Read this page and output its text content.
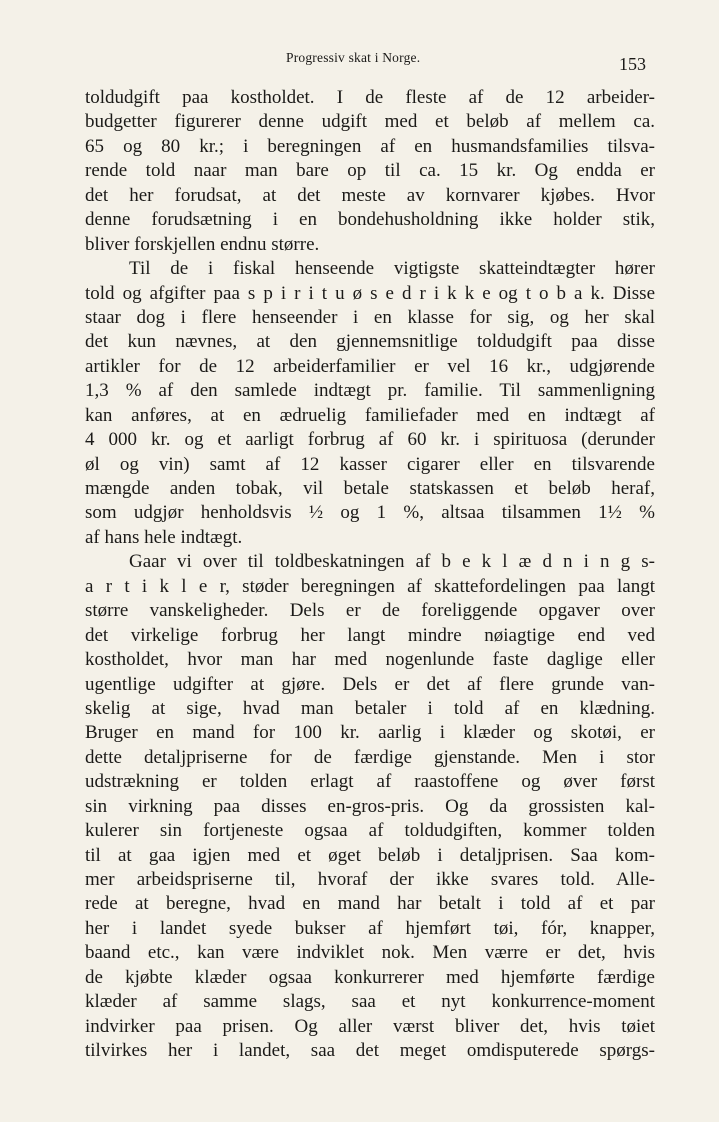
Progressiv skat i Norge.	153
toldudgift paa kostholdet. I de fleste af de 12 arbeider-
budgetter figurerer denne udgift med et beløb af mellem ca.
65 og 80 kr.; i beregningen af en husmandsfamilies tilsva-
rende told naar man bare op til ca. 15 kr. Og endda er
det her forudsat, at det meste av kornvarer kjøbes. Hvor
denne forudsætning i en bondehusholdning ikke holder stik,
bliver forskjellen endnu større.
Til de i fiskal henseende vigtigste skatteindtægter hører
told og afgifter paa s p i r i t u ø s e d r i k k e og t o b a k. Disse
staar dog i flere henseender i en klasse for sig, og her skal
det kun nævnes, at den gjennemsnitlige toldudgift paa disse
artikler for de 12 arbeiderfamilier er vel 16 kr., udgjørende
1,3 % af den samlede indtægt pr. familie. Til sammenligning
kan anføres, at en ædruelig familiefader med en indtægt af
4 000 kr. og et aarligt forbrug af 60 kr. i spirituosa (derunder
øl og vin) samt af 12 kasser cigarer eller en tilsvarende
mængde anden tobak, vil betale statskassen et beløb heraf,
som udgjør henholdsvis ½ og 1 %, altsaa tilsammen 1½ %
af hans hele indtægt.
Gaar vi over til toldbeskatningen af b e k l æ d n i n g s-
a r t i k l e r, støder beregningen af skattefordelingen paa langt
større vanskeligheder. Dels er de foreliggende opgaver over
det virkelige forbrug her langt mindre nøiagtige end ved
kostholdet, hvor man har med nogenlunde faste daglige eller
ugentlige udgifter at gjøre. Dels er det af flere grunde van-
skelig at sige, hvad man betaler i told af en klædning.
Bruger en mand for 100 kr. aarlig i klæder og skotøi, er
dette detaljpriserne for de færdige gjenstande. Men i stor
udstrækning er tolden erlagt af raastoffene og øver først
sin virkning paa disses en-gros-pris. Og da grossisten kal-
kulerer sin fortjeneste ogsaa af toldudgiften, kommer tolden
til at gaa igjen med et øget beløb i detaljprisen. Saa kom-
mer arbeidspriserne til, hvoraf der ikke svares told. Alle-
rede at beregne, hvad en mand har betalt i told af et par
her i landet syede bukser af hjemført tøi, fór, knapper,
baand etc., kan være indviklet nok. Men værre er det, hvis
de kjøbte klæder ogsaa konkurrerer med hjemførte færdige
klæder af samme slags, saa et nyt konkurrence-moment
indvirker paa prisen. Og aller værst bliver det, hvis tøiet
tilvirkes her i landet, saa det meget omdisputerede spørgs-
